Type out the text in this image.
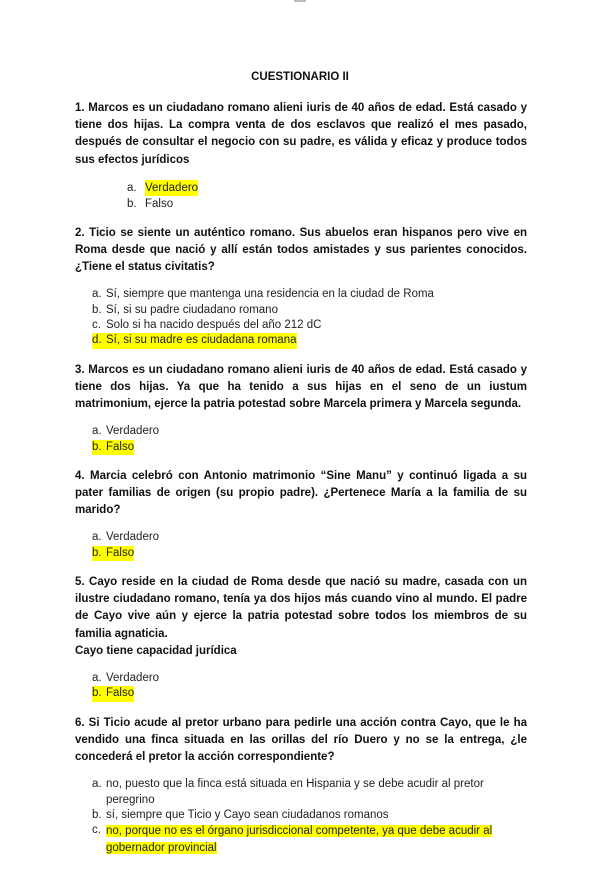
CUESTIONARIO II
1. Marcos es un ciudadano romano alieni iuris de 40 años de edad. Está casado y tiene dos hijas. La compra venta de dos esclavos que realizó el mes pasado, después de consultar el negocio con su padre, es válida y eficaz y produce todos sus efectos jurídicos
a. Verdadero
b. Falso
2. Ticio se siente un auténtico romano. Sus abuelos eran hispanos pero vive en Roma desde que nació y allí están todos amistades y sus parientes conocidos. ¿Tiene el status civitatis?
a. Sí, siempre que mantenga una residencia en la ciudad de Roma
b. Sí, si su padre ciudadano romano
c. Solo si ha nacido después del año 212 dC
d. Sí, si su madre es ciudadana romana
3. Marcos es un ciudadano romano alieni iuris de 40 años de edad. Está casado y tiene dos hijas. Ya que ha tenido a sus hijas en el seno de un iustum matrimonium, ejerce la patria potestad sobre Marcela primera y Marcela segunda.
a. Verdadero
b. Falso
4. Marcia celebró con Antonio matrimonio “Sine Manu” y continuó ligada a su pater familias de origen (su propio padre). ¿Pertenece María a la familia de su marido?
a. Verdadero
b. Falso
5. Cayo reside en la ciudad de Roma desde que nació su madre, casada con un ilustre ciudadano romano, tenía ya dos hijos más cuando vino al mundo. El padre de Cayo vive aún y ejerce la patria potestad sobre todos los miembros de su familia agnaticia.
Cayo tiene capacidad jurídica
a. Verdadero
b. Falso
6. Si Ticio acude al pretor urbano para pedirle una acción contra Cayo, que le ha vendido una finca situada en las orillas del río Duero y no se la entrega, ¿le concederá el pretor la acción correspondiente?
a. no, puesto que la finca está situada en Hispania y se debe acudir al pretor peregrino
b. sí, siempre que Ticio y Cayo sean ciudadanos romanos
c. no, porque no es el órgano jurisdiccional competente, ya que debe acudir al gobernador provincial
